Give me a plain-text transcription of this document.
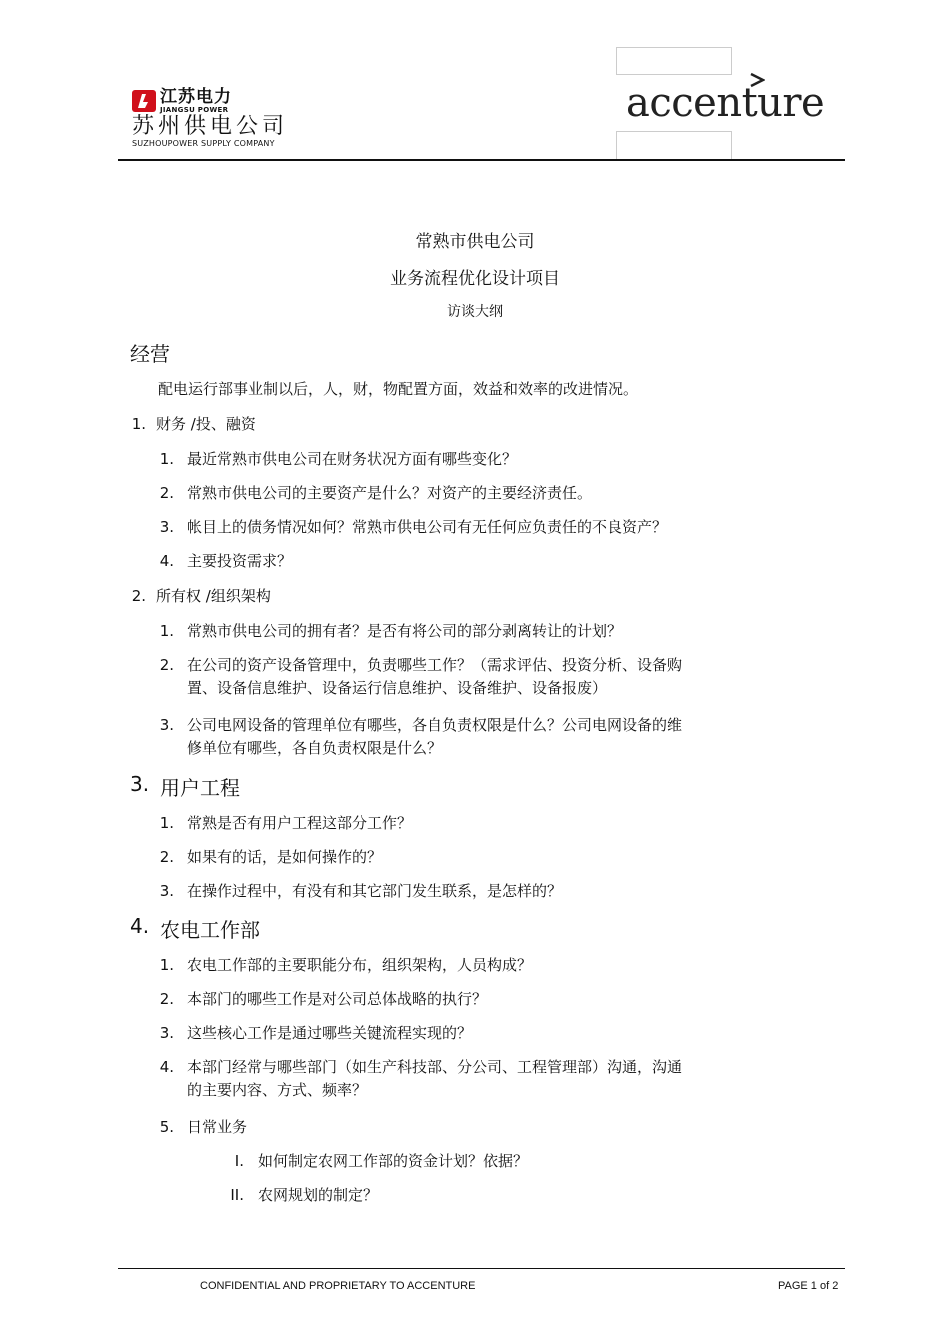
江苏电力
JIANGSU POWER
苏州供电公司
SUZHOUPOWER SUPPLY COMPANY
accenture
常熟市供电公司
业务流程优化设计项目
访谈大纲
经营
配电运行部事业制以后，人，财，物配置方面，效益和效率的改进情况。
1. 财务 /投、融资
1. 最近常熟市供电公司在财务状况方面有哪些变化？
2. 常熟市供电公司的主要资产是什么？对资产的主要经济责任。
3. 帐目上的债务情况如何？常熟市供电公司有无任何应负责任的不良资产？
4. 主要投资需求？
2. 所有权 /组织架构
1. 常熟市供电公司的拥有者？是否有将公司的部分剥离转让的计划？
2. 在公司的资产设备管理中，负责哪些工作？（需求评估、投资分析、设备购
置、设备信息维护、设备运行信息维护、设备维护、设备报废）
3. 公司电网设备的管理单位有哪些，各自负责权限是什么？公司电网设备的维
修单位有哪些，各自负责权限是什么？
3. 用户工程
1. 常熟是否有用户工程这部分工作？
2. 如果有的话，是如何操作的？
3. 在操作过程中，有没有和其它部门发生联系，是怎样的？
4. 农电工作部
1. 农电工作部的主要职能分布，组织架构，人员构成？
2. 本部门的哪些工作是对公司总体战略的执行？
3. 这些核心工作是通过哪些关键流程实现的？
4. 本部门经常与哪些部门（如生产科技部、分公司、工程管理部）沟通，沟通
的主要内容、方式、频率？
5. 日常业务
I. 如何制定农网工作部的资金计划？依据？
II. 农网规划的制定？
CONFIDENTIAL AND PROPRIETARY TO ACCENTURE	PAGE 1 of 2
